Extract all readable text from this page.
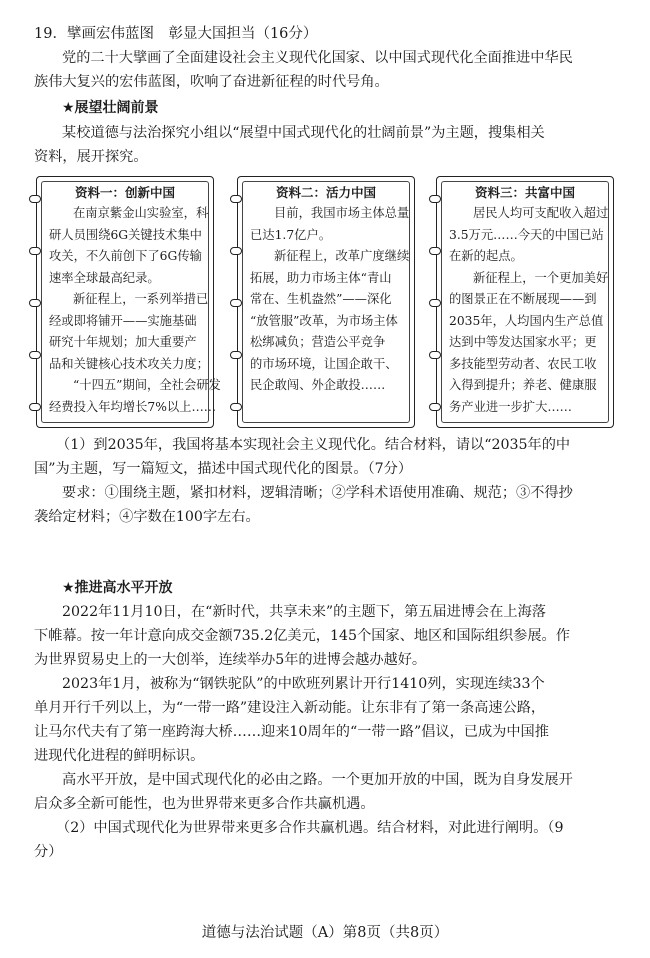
19．擘画宏伟蓝图　彰显大国担当（16分）
党的二十大擘画了全面建设社会主义现代化国家、以中国式现代化全面推进中华民
族伟大复兴的宏伟蓝图，吹响了奋进新征程的时代号角。
★展望壮阔前景
某校道德与法治探究小组以“展望中国式现代化的壮阔前景”为主题，搜集相关
资料，展开探究。
资料一：创新中国
在南京紫金山实验室，科
研人员围绕6G关键技术集中
攻关，不久前创下了6G传输
速率全球最高纪录。
新征程上，一系列举措已
经或即将铺开——实施基础
研究十年规划；加大重要产
品和关键核心技术攻关力度；
“十四五”期间，全社会研发
经费投入年均增长7%以上……
资料二：活力中国
目前，我国市场主体总量
已达1.7亿户。
新征程上，改革广度继续
拓展，助力市场主体“青山
常在、生机盎然”——深化
“放管服”改革，为市场主体
松绑减负；营造公平竞争
的市场环境，让国企敢干、
民企敢闯、外企敢投……
资料三：共富中国
居民人均可支配收入超过
3.5万元……今天的中国已站
在新的起点。
新征程上，一个更加美好
的图景正在不断展现——到
2035年，人均国内生产总值
达到中等发达国家水平；更
多技能型劳动者、农民工收
入得到提升；养老、健康服
务产业进一步扩大……
（1）到2035年，我国将基本实现社会主义现代化。结合材料，请以“2035年的中
国”为主题，写一篇短文，描述中国式现代化的图景。（7分）
要求：①围绕主题，紧扣材料，逻辑清晰；②学科术语使用准确、规范；③不得抄
袭给定材料；④字数在100字左右。
★推进高水平开放
2022年11月10日，在“新时代，共享未来”的主题下，第五届进博会在上海落
下帷幕。按一年计意向成交金额735.2亿美元，145个国家、地区和国际组织参展。作
为世界贸易史上的一大创举，连续举办5年的进博会越办越好。
2023年1月，被称为“钢铁驼队”的中欧班列累计开行1410列，实现连续33个
单月开行千列以上，为“一带一路”建设注入新动能。让东非有了第一条高速公路，
让马尔代夫有了第一座跨海大桥……迎来10周年的“一带一路”倡议，已成为中国推
进现代化进程的鲜明标识。
高水平开放，是中国式现代化的必由之路。一个更加开放的中国，既为自身发展开
启众多全新可能性，也为世界带来更多合作共赢机遇。
（2）中国式现代化为世界带来更多合作共赢机遇。结合材料，对此进行阐明。（9
分）
道德与法治试题（A）第8页（共8页）
